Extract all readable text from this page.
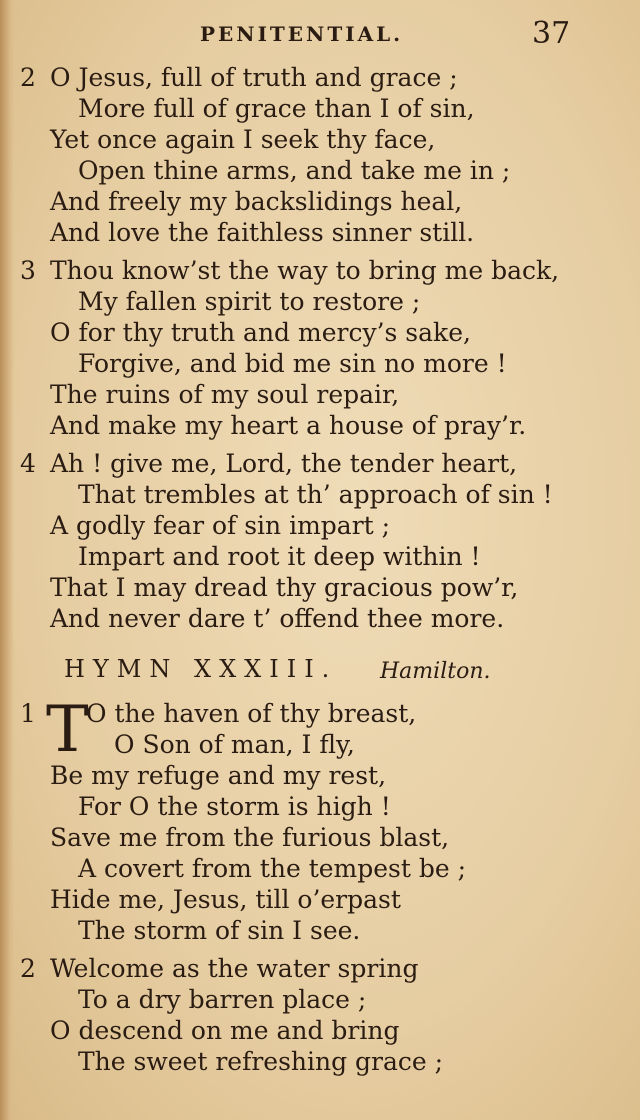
PENITENTIAL.	37
2 O Jesus, full of truth and grace ;
More full of grace than I of sin,
Yet once again I seek thy face,
Open thine arms, and take me in ;
And freely my backslidings heal,
And love the faithless sinner still.
3 Thou know’st the way to bring me back,
My fallen spirit to restore ;
O for thy truth and mercy’s sake,
Forgive, and bid me sin no more !
The ruins of my soul repair,
And make my heart a house of pray’r.
4 Ah ! give me, Lord, the tender heart,
That trembles at th’ approach of sin !
A godly fear of sin impart ;
Impart and root it deep within !
That I may dread thy gracious pow’r,
And never dare t’ offend thee more.
HYMN XXXIII. Hamilton.
1 T
O the haven of thy breast,
O Son of man, I fly,
Be my refuge and my rest,
For O the storm is high !
Save me from the furious blast,
A covert from the tempest be ;
Hide me, Jesus, till o’erpast
The storm of sin I see.
2 Welcome as the water spring
To a dry barren place ;
O descend on me and bring
The sweet refreshing grace ;
